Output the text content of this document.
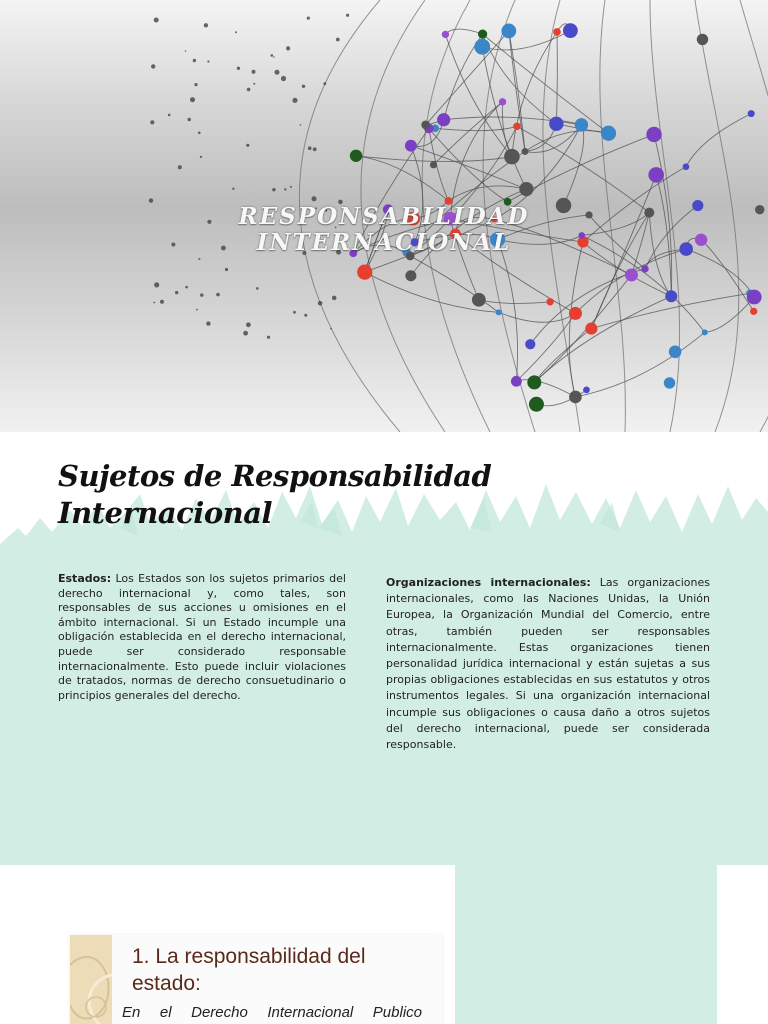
RESPONSABILIDAD
INTERNACIONAL
Sujetos de Responsabilidad
Internacional
Estados: Los Estados son los sujetos primarios del derecho internacional y, como tales, son responsables de sus acciones u omisiones en el ámbito internacional. Si un Estado incumple una obligación establecida en el derecho internacional, puede ser considerado responsable internacionalmente. Esto puede incluir violaciones de tratados, normas de derecho consuetudinario o principios generales del derecho.
Organizaciones internacionales: Las organizaciones internacionales, como las Naciones Unidas, la Unión Europea, la Organización Mundial del Comercio, entre otras, también pueden ser responsables internacionalmente. Estas organizaciones tienen personalidad jurídica internacional y están sujetas a sus propias obligaciones establecidas en sus estatutos y otros instrumentos legales. Si una organización internacional incumple sus obligaciones o causa daño a otros sujetos del derecho internacional, puede ser considerada responsable.
1. La responsabilidad del
estado:
En el Derecho Internacional Publico
